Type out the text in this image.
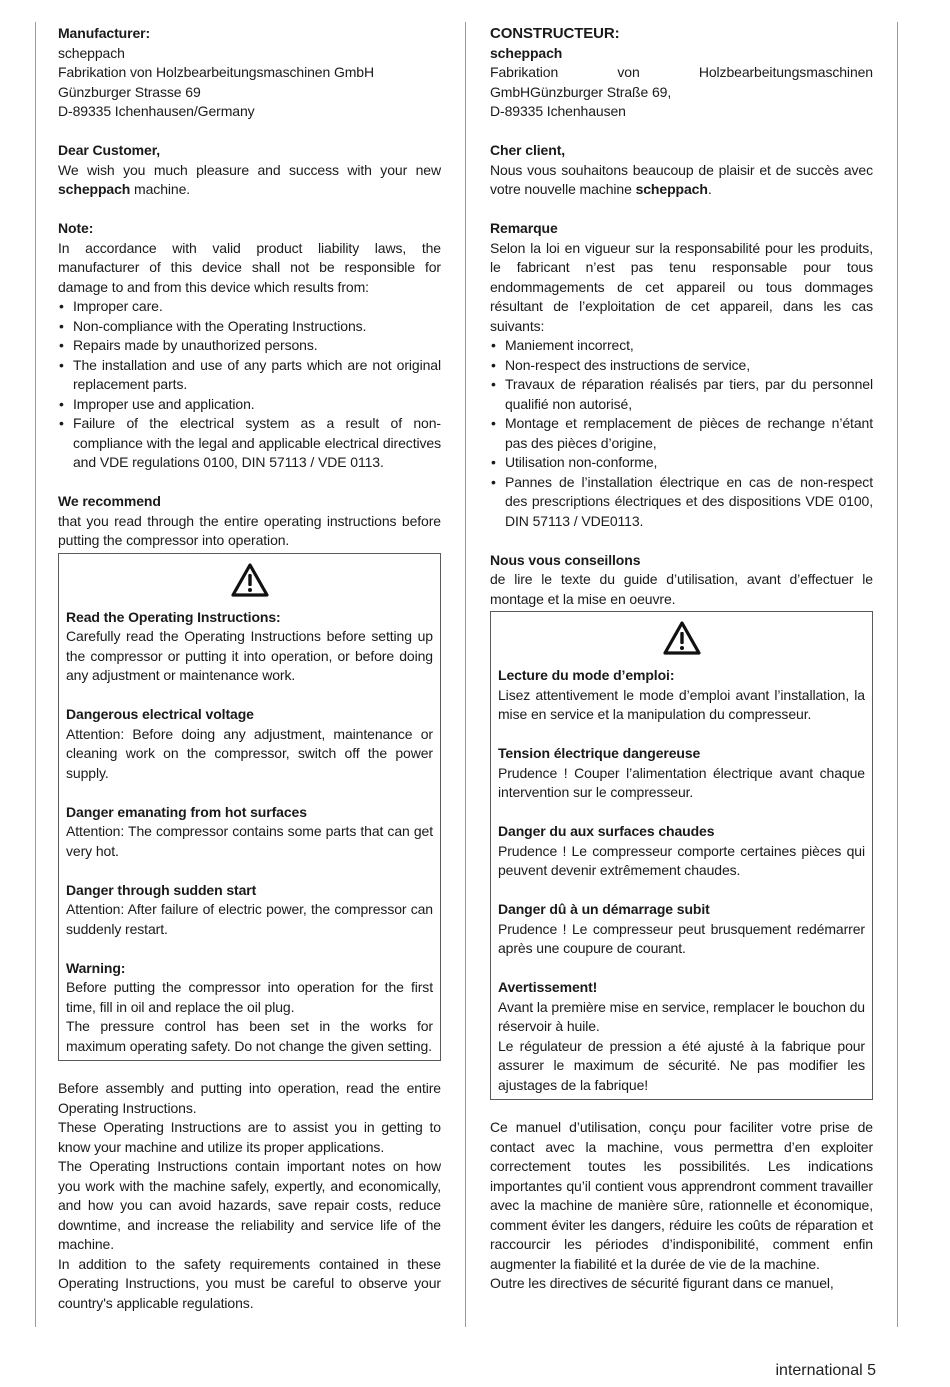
Manufacturer:

scheppach

Fabrikation von Holzbearbeitungsmaschinen GmbH

Günzburger Strasse 69

D-89335 Ichenhausen/Germany

Dear Customer,

We wish you much pleasure and success with your new scheppach machine.

Note:

In accordance with valid product liability laws, the manufacturer of this device shall not be responsible for damage to and from this device which results from:

• Improper care.
• Non-compliance with the Operating Instructions.
• Repairs made by unauthorized persons.
• The installation and use of any parts which are not original replacement parts.
• Improper use and application.
• Failure of the electrical system as a result of non-compliance with the legal and applicable electrical directives and VDE regulations 0100, DIN 57113 / VDE 0113.

We recommend

that you read through the entire operating instructions before putting the compressor into operation.

Read the Operating Instructions:

Carefully read the Operating Instructions before setting up the compressor or putting it into operation, or before doing any adjustment or maintenance work.

Dangerous electrical voltage

Attention: Before doing any adjustment, maintenance or cleaning work on the compressor, switch off the power supply.

Danger emanating from hot surfaces

Attention: The compressor contains some parts that can get very hot.

Danger through sudden start

Attention: After failure of electric power, the compressor can suddenly restart.

Warning:

Before putting the compressor into operation for the first time, fill in oil and replace the oil plug.

The pressure control has been set in the works for maximum operating safety. Do not change the given setting.

Before assembly and putting into operation, read the entire Operating Instructions.

These Operating Instructions are to assist you in getting to know your machine and utilize its proper applications.

The Operating Instructions contain important notes on how you work with the machine safely, expertly, and economically, and how you can avoid hazards, save repair costs, reduce downtime, and increase the reliability and service life of the machine.

In addition to the safety requirements contained in these Operating Instructions, you must be careful to observe your country's applicable regulations.

CONSTRUCTEUR:

scheppach

Fabrikation von Holzbearbeitungsmaschinen GmbHGünzburger Straße 69,

D-89335 Ichenhausen

Cher client,

Nous vous souhaitons beaucoup de plaisir et de succès avec votre nouvelle machine scheppach.

Remarque

Selon la loi en vigueur sur la responsabilité pour les produits, le fabricant n’est pas tenu responsable pour tous endommagements de cet appareil ou tous dommages résultant de l’exploitation de cet appareil, dans les cas suivants:

• Maniement incorrect,
• Non-respect des instructions de service,
• Travaux de réparation réalisés par tiers, par du personnel qualifié non autorisé,
• Montage et remplacement de pièces de rechange n’étant pas des pièces d’origine,
• Utilisation non-conforme,
• Pannes de l’installation électrique en cas de non-respect des prescriptions électriques et des dispositions VDE 0100, DIN 57113 / VDE0113.

Nous vous conseillons

de lire le texte du guide d’utilisation, avant d’effectuer le montage et la mise en oeuvre.

Lecture du mode d’emploi:

Lisez attentivement le mode d’emploi avant l’installation, la mise en service et la manipulation du compresseur.

Tension électrique dangereuse

Prudence ! Couper l’alimentation électrique avant chaque intervention sur le compresseur.

Danger du aux surfaces chaudes

Prudence ! Le compresseur comporte certaines pièces qui peuvent devenir extrêmement chaudes.

Danger dû à un démarrage subit

Prudence ! Le compresseur peut brusquement redémarrer après une coupure de courant.

Avertissement!

Avant la première mise en service, remplacer le bouchon du réservoir à huile.

Le régulateur de pression a été ajusté à la fabrique pour assurer le maximum de sécurité. Ne pas modifier les ajustages de la fabrique!

Ce manuel d’utilisation, conçu pour faciliter votre prise de contact avec la machine, vous permettra d’en exploiter correctement toutes les possibilités. Les indications importantes qu’il contient vous apprendront comment travailler avec la machine de manière sûre, rationnelle et économique, comment éviter les dangers, réduire les coûts de réparation et raccourcir les périodes d’indisponibilité, comment enfin augmenter la fiabilité et la durée de vie de la machine.

Outre les directives de sécurité figurant dans ce manuel,

international 5
